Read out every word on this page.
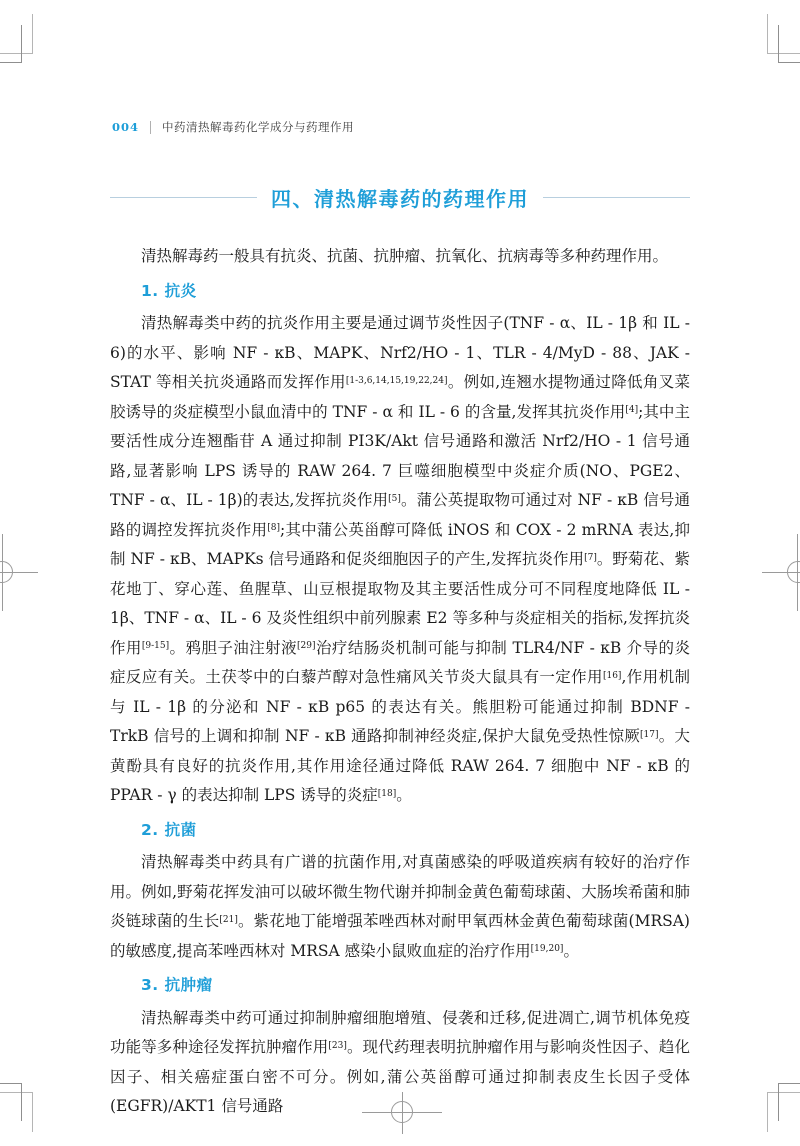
004 中药清热解毒药化学成分与药理作用
四、清热解毒药的药理作用

清热解毒药一般具有抗炎、抗菌、抗肿瘤、抗氧化、抗病毒等多种药理作用。

1. 抗炎

清热解毒类中药的抗炎作用主要是通过调节炎性因子(TNF - α、IL - 1β 和 IL - 6)的水平、影响 NF - κB、MAPK、Nrf2/HO - 1、TLR - 4/MyD - 88、JAK - STAT 等相关抗炎通路而发挥作用[1-3,6,14,15,19,22,24]。例如,连翘水提物通过降低角叉菜胶诱导的炎症模型小鼠血清中的 TNF - α 和 IL - 6 的含量,发挥其抗炎作用[4];其中主要活性成分连翘酯苷 A 通过抑制 PI3K/Akt 信号通路和激活 Nrf2/HO - 1 信号通路,显著影响 LPS 诱导的 RAW 264. 7 巨噬细胞模型中炎症介质(NO、PGE2、 TNF - α、IL - 1β)的表达,发挥抗炎作用[5]。蒲公英提取物可通过对 NF - κB 信号通路的调控发挥抗炎作用[8];其中蒲公英甾醇可降低 iNOS 和 COX - 2 mRNA 表达,抑制 NF - κB、MAPKs 信号通路和促炎细胞因子的产生,发挥抗炎作用[7]。野菊花、紫花地丁、穿心莲、鱼腥草、山豆根提取物及其主要活性成分可不同程度地降低 IL - 1β、TNF - α、IL - 6 及炎性组织中前列腺素 E2 等多种与炎症相关的指标,发挥抗炎作用[9-15]。鸦胆子油注射液[29]治疗结肠炎机制可能与抑制 TLR4/NF - κB 介导的炎症反应有关。土茯苓中的白藜芦醇对急性痛风关节炎大鼠具有一定作用[16],作用机制与 IL - 1β 的分泌和 NF - κB p65 的表达有关。熊胆粉可能通过抑制 BDNF - TrkB 信号的上调和抑制 NF - κB 通路抑制神经炎症,保护大鼠免受热性惊厥[17]。大黄酚具有良好的抗炎作用,其作用途径通过降低 RAW 264. 7 细胞中 NF - κB 的 PPAR - γ 的表达抑制 LPS 诱导的炎症[18]。

2. 抗菌

清热解毒类中药具有广谱的抗菌作用,对真菌感染的呼吸道疾病有较好的治疗作用。例如,野菊花挥发油可以破坏微生物代谢并抑制金黄色葡萄球菌、大肠埃希菌和肺炎链球菌的生长[21]。紫花地丁能增强苯唑西林对耐甲氧西林金黄色葡萄球菌(MRSA)的敏感度,提高苯唑西林对 MRSA 感染小鼠败血症的治疗作用[19,20]。

3. 抗肿瘤

清热解毒类中药可通过抑制肿瘤细胞增殖、侵袭和迁移,促进凋亡,调节机体免疫功能等多种途径发挥抗肿瘤作用[23]。现代药理表明抗肿瘤作用与影响炎性因子、趋化因子、相关癌症蛋白密不可分。例如,蒲公英甾醇可通过抑制表皮生长因子受体(EGFR)/AKT1 信号通路
